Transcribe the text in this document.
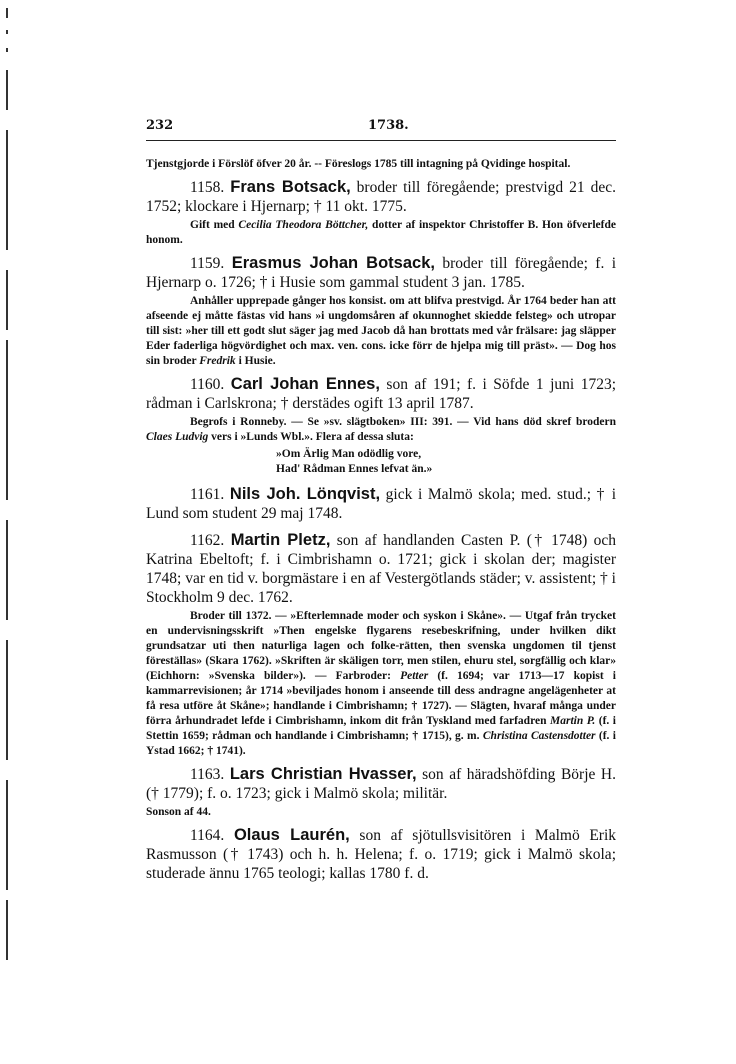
232	1738.

Tjenstgjorde i Förslöf öfver 20 år. -- Föreslogs 1785 till intagning på Qvidinge hospital.

1158. Frans Botsack, broder till föregående; prestvigd 21 dec. 1752; klockare i Hjernarp; † 11 okt. 1775.

Gift med Cecilia Theodora Böttcher, dotter af inspektor Christoffer B. Hon öfverlefde honom.

1159. Erasmus Johan Botsack, broder till föregående; f. i Hjernarp o. 1726; † i Husie som gammal student 3 jan. 1785.

Anhåller upprepade gånger hos konsist. om att blifva prestvigd. År 1764 beder han att afseende ej måtte fästas vid hans »i ungdomsåren af okunnoghet skiedde felsteg» och utropar till sist: »her till ett godt slut säger jag med Jacob då han brottats med vår frälsare: jag släpper Eder faderliga högvördighet och max. ven. cons. icke förr de hjelpa mig till präst». — Dog hos sin broder Fredrik i Husie.

1160. Carl Johan Ennes, son af 191; f. i Söfde 1 juni 1723; rådman i Carlskrona; † derstädes ogift 13 april 1787.

Begrofs i Ronneby. — Se »sv. slägtboken» III: 391. — Vid hans död skref brodern Claes Ludvig vers i »Lunds Wbl.». Flera af dessa sluta:

»Om Ärlig Man odödlig vore,
Had' Rådman Ennes lefvat än.»

1161. Nils Joh. Lönqvist, gick i Malmö skola; med. stud.; † i Lund som student 29 maj 1748.

1162. Martin Pletz, son af handlanden Casten P. († 1748) och Katrina Ebeltoft; f. i Cimbrishamn o. 1721; gick i skolan der; magister 1748; var en tid v. borgmästare i en af Vestergötlands städer; v. assistent; † i Stockholm 9 dec. 1762.

Broder till 1372. — »Efterlemnade moder och syskon i Skåne». — Utgaf från trycket en undervisningsskrift »Then engelske flygarens resebeskrifning, under hvilken dikt grundsatzar uti then naturliga lagen och folke-rätten, then svenska ungdomen til tjenst föreställas» (Skara 1762). »Skriften är skäligen torr, men stilen, ehuru stel, sorgfällig och klar» (Eichhorn: »Svenska bilder»). — Farbroder: Petter (f. 1694; var 1713—17 kopist i kammarrevisionen; år 1714 »beviljades honom i anseende till dess andragne angelägenheter at få resa utföre åt Skåne»; handlande i Cimbrishamn; † 1727). — Slägten, hvaraf många under förra århundradet lefde i Cimbrishamn, inkom dit från Tyskland med farfadren Martin P. (f. i Stettin 1659; rådman och handlande i Cimbrishamn; † 1715), g. m. Christina Castensdotter (f. i Ystad 1662; † 1741).

1163. Lars Christian Hvasser, son af häradshöfding Börje H. († 1779); f. o. 1723; gick i Malmö skola; militär.

Sonson af 44.

1164. Olaus Laurén, son af sjötullsvisitören i Malmö Erik Rasmusson († 1743) och h. h. Helena; f. o. 1719; gick i Malmö skola; studerade ännu 1765 teologi; kallas 1780 f. d.
